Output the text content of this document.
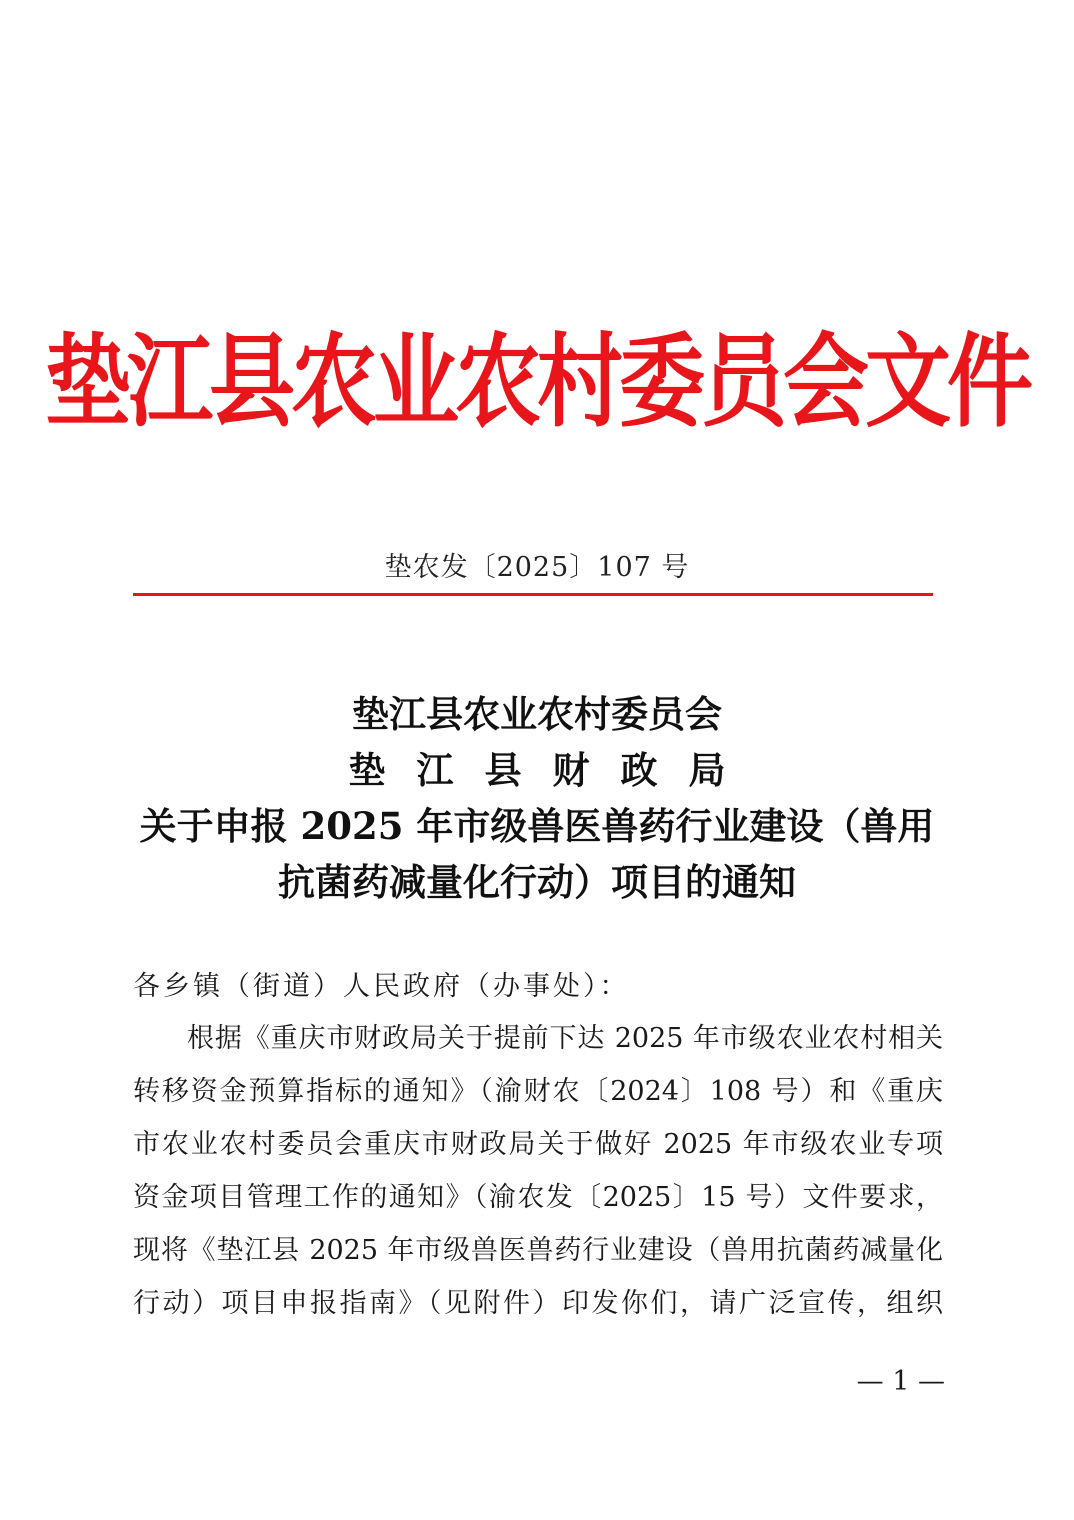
垫江县农业农村委员会文件
垫农发〔2025〕107 号
垫江县农业农村委员会
垫江县财政局
关于申报 2025 年市级兽医兽药行业建设（兽用
抗菌药减量化行动）项目的通知
各乡镇（街道）人民政府（办事处）：
根据《重庆市财政局关于提前下达 2025 年市级农业农村相关
转移资金预算指标的通知》（渝财农〔2024〕108 号）和《重庆
市农业农村委员会重庆市财政局关于做好 2025 年市级农业专项
资金项目管理工作的通知》（渝农发〔2025〕15 号）文件要求，
现将《垫江县 2025 年市级兽医兽药行业建设（兽用抗菌药减量化
行动）项目申报指南》（见附件）印发你们，请广泛宣传，组织
— 1 —
